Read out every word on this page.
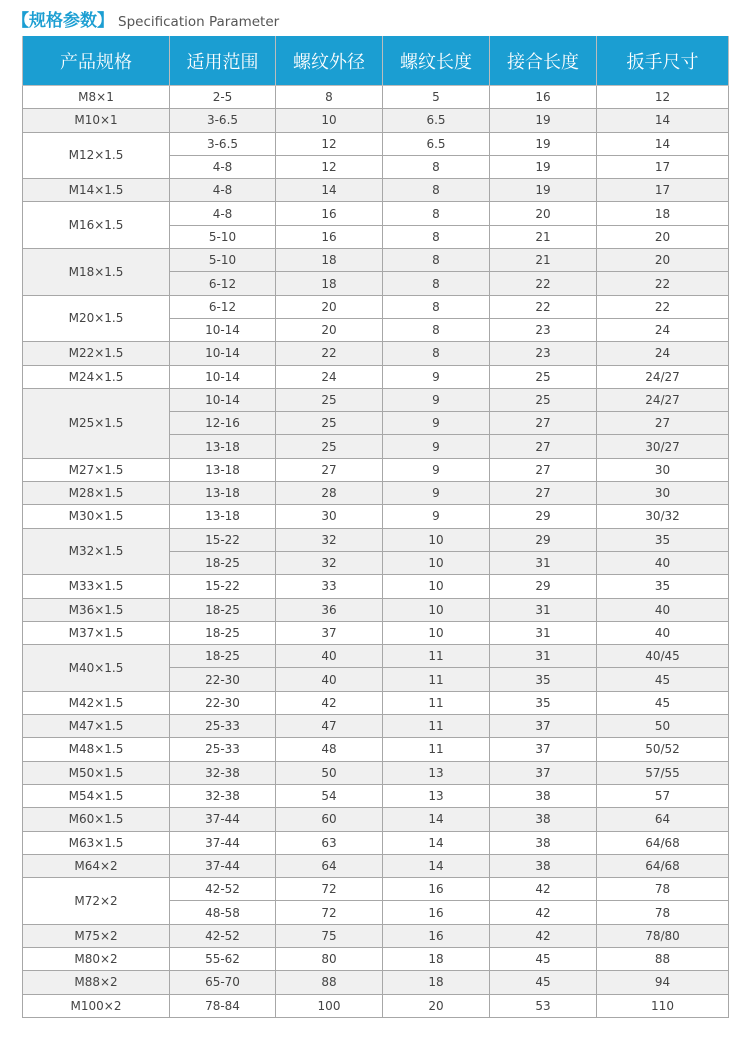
【规格参数】 Specification Parameter
产品规格	适用范围	螺纹外径	螺纹长度	接合长度	扳手尺寸
M8×1	2-5	8	5	16	12
M10×1	3-6.5	10	6.5	19	14
M12×1.5	3-6.5	12	6.5	19	14
	4-8	12	8	19	17
M14×1.5	4-8	14	8	19	17
M16×1.5	4-8	16	8	20	18
	5-10	16	8	21	20
M18×1.5	5-10	18	8	21	20
	6-12	18	8	22	22
M20×1.5	6-12	20	8	22	22
	10-14	20	8	23	24
M22×1.5	10-14	22	8	23	24
M24×1.5	10-14	24	9	25	24/27
M25×1.5	10-14	25	9	25	24/27
	12-16	25	9	27	27
	13-18	25	9	27	30/27
M27×1.5	13-18	27	9	27	30
M28×1.5	13-18	28	9	27	30
M30×1.5	13-18	30	9	29	30/32
M32×1.5	15-22	32	10	29	35
	18-25	32	10	31	40
M33×1.5	15-22	33	10	29	35
M36×1.5	18-25	36	10	31	40
M37×1.5	18-25	37	10	31	40
M40×1.5	18-25	40	11	31	40/45
	22-30	40	11	35	45
M42×1.5	22-30	42	11	35	45
M47×1.5	25-33	47	11	37	50
M48×1.5	25-33	48	11	37	50/52
M50×1.5	32-38	50	13	37	57/55
M54×1.5	32-38	54	13	38	57
M60×1.5	37-44	60	14	38	64
M63×1.5	37-44	63	14	38	64/68
M64×2	37-44	64	14	38	64/68
M72×2	42-52	72	16	42	78
	48-58	72	16	42	78
M75×2	42-52	75	16	42	78/80
M80×2	55-62	80	18	45	88
M88×2	65-70	88	18	45	94
M100×2	78-84	100	20	53	110
